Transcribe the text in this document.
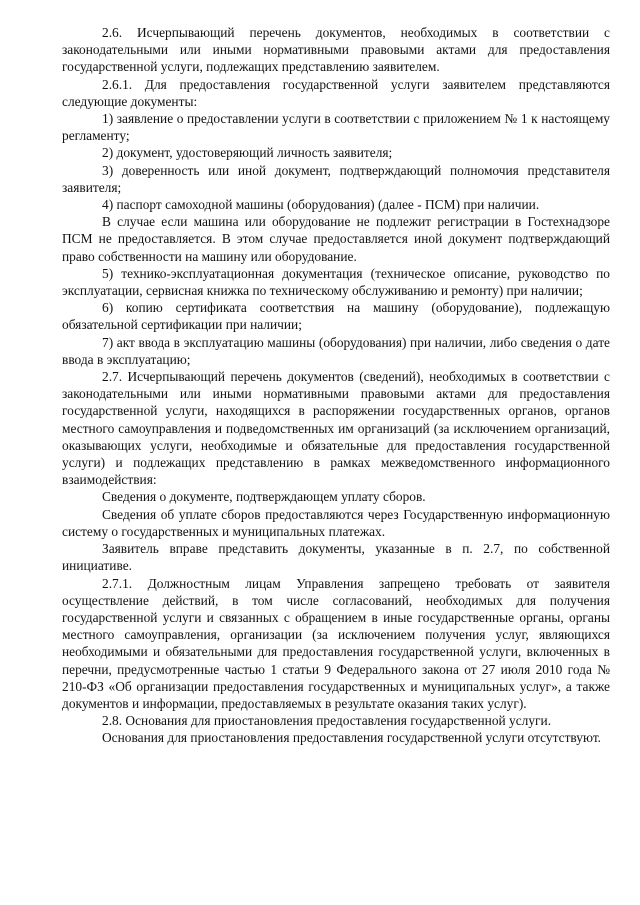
2.6. Исчерпывающий перечень документов, необходимых в соответствии с законодательными или иными нормативными правовыми актами для предоставления государственной услуги, подлежащих представлению заявителем.

2.6.1. Для предоставления государственной услуги заявителем представляются следующие документы:

1) заявление о предоставлении услуги в соответствии с приложением № 1 к настоящему регламенту;

2) документ, удостоверяющий личность заявителя;

3) доверенность или иной документ, подтверждающий полномочия представителя заявителя;

4) паспорт самоходной машины (оборудования) (далее - ПСМ) при наличии.

В случае если машина или оборудование не подлежит регистрации в Гостехнадзоре ПСМ не предоставляется. В этом случае предоставляется иной документ подтверждающий право собственности на машину или оборудование.

5) технико-эксплуатационная документация (техническое описание, руководство по эксплуатации, сервисная книжка по техническому обслуживанию и ремонту) при наличии;

6) копию сертификата соответствия на машину (оборудование), подлежащую обязательной сертификации при наличии;

7) акт ввода в эксплуатацию машины (оборудования) при наличии, либо сведения о дате ввода в эксплуатацию;

2.7. Исчерпывающий перечень документов (сведений), необходимых в соответствии с законодательными или иными нормативными правовыми актами для предоставления государственной услуги, находящихся в распоряжении государственных органов, органов местного самоуправления и подведомственных им организаций (за исключением организаций, оказывающих услуги, необходимые и обязательные для предоставления государственной услуги) и подлежащих представлению в рамках межведомственного информационного взаимодействия:

Сведения о документе, подтверждающем уплату сборов.

Сведения об уплате сборов предоставляются через Государственную информационную систему о государственных и муниципальных платежах.

Заявитель вправе представить документы, указанные в п. 2.7, по собственной инициативе.

2.7.1. Должностным лицам Управления запрещено требовать от заявителя осуществление действий, в том числе согласований, необходимых для получения государственной услуги и связанных с обращением в иные государственные органы, органы местного самоуправления, организации (за исключением получения услуг, являющихся необходимыми и обязательными для предоставления государственной услуги, включенных в перечни, предусмотренные частью 1 статьи 9 Федерального закона от 27 июля 2010 года № 210-ФЗ «Об организации предоставления государственных и муниципальных услуг», а также документов и информации, предоставляемых в результате оказания таких услуг).

2.8. Основания для приостановления предоставления государственной услуги.

Основания для приостановления предоставления государственной услуги отсутствуют.
